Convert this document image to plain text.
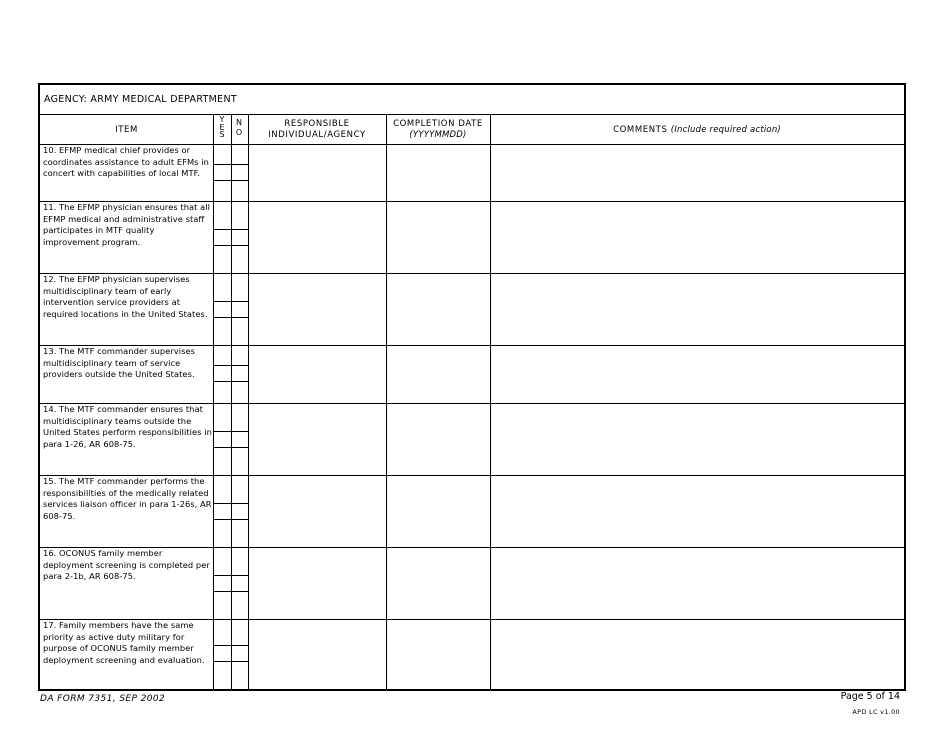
AGENCY: ARMY MEDICAL DEPARTMENT
ITEM
Y
E
S
N
O
RESPONSIBLE
INDIVIDUAL/AGENCY
COMPLETION DATE
(YYYYMMDD)
COMMENTS (Include required action)
10. EFMP medical chief provides or coordinates assistance to adult EFMs in concert with capabilities of local MTF.
11. The EFMP physician ensures that all EFMP medical and administrative staff participates in MTF quality improvement program.
12. The EFMP physician supervises multidisciplinary team of early intervention service providers at required locations in the United States.
13. The MTF commander supervises multidisciplinary team of service providers outside the United States.
14. The MTF commander ensures that multidisciplinary teams outside the United States perform responsibilities in para 1-26, AR 608-75.
15. The MTF commander performs the responsibilities of the medically related services liaison officer in para 1-26s, AR 608-75.
16. OCONUS family member deployment screening is completed per para 2-1b, AR 608-75.
17. Family members have the same priority as active duty military for purpose of OCONUS family member deployment screening and evaluation.
DA FORM 7351, SEP 2002	Page 5 of 14
APD LC v1.00
